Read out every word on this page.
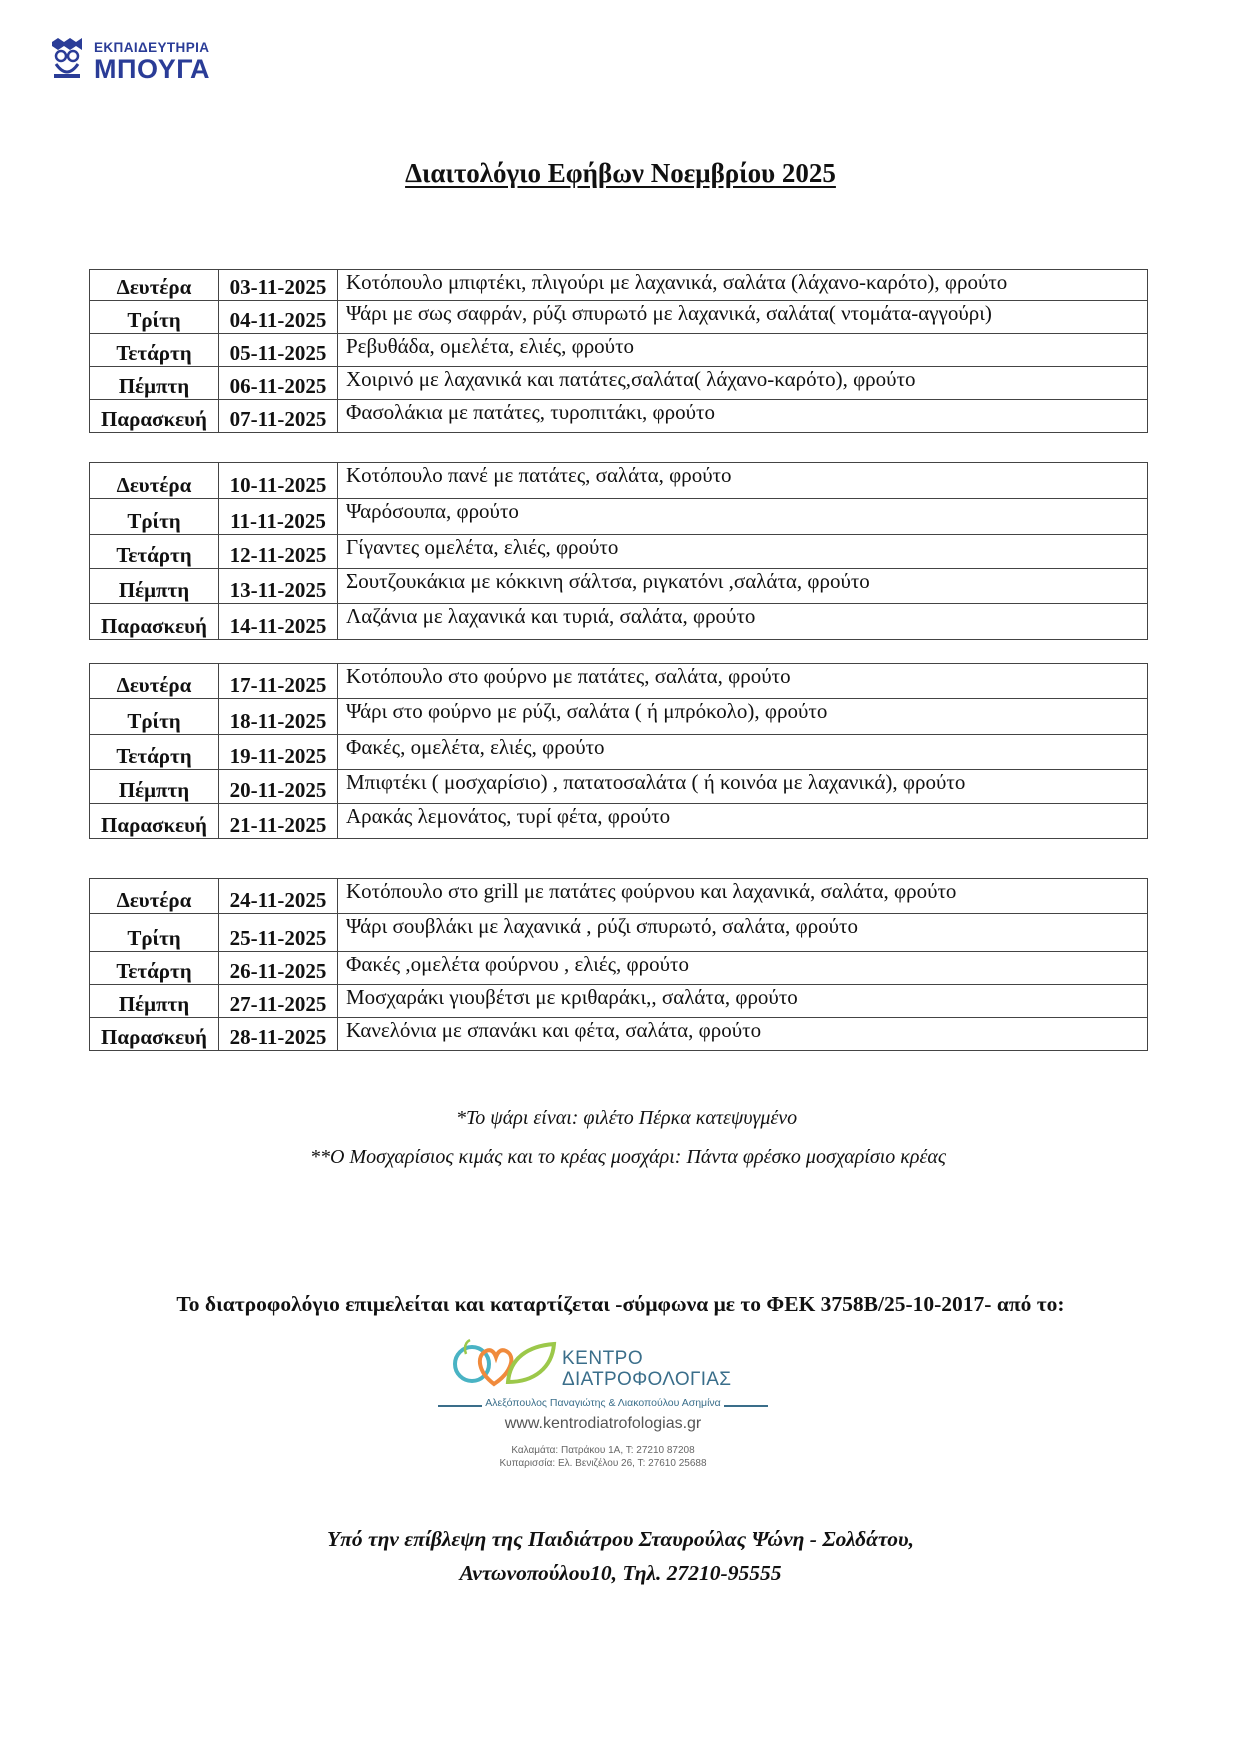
ΕΚΠΑΙΔΕΥΤΗΡΙΑ
ΜΠΟΥΓΑ
Διαιτολόγιο Εφήβων Νοεμβρίου 2025
Δευτέρα	03-11-2025	Κοτόπουλο μπιφτέκι, πλιγούρι με λαχανικά, σαλάτα (λάχανο-καρότο), φρούτο
Τρίτη	04-11-2025	Ψάρι με σως σαφράν, ρύζι σπυρωτό με λαχανικά, σαλάτα( ντομάτα-αγγούρι)
Τετάρτη	05-11-2025	Ρεβυθάδα, ομελέτα, ελιές, φρούτο
Πέμπτη	06-11-2025	Χοιρινό με λαχανικά και πατάτες,σαλάτα( λάχανο-καρότο), φρούτο
Παρασκευή	07-11-2025	Φασολάκια με πατάτες, τυροπιτάκι, φρούτο
Δευτέρα	10-11-2025	Κοτόπουλο πανέ με πατάτες, σαλάτα, φρούτο
Τρίτη	11-11-2025	Ψαρόσουπα, φρούτο
Τετάρτη	12-11-2025	Γίγαντες ομελέτα, ελιές, φρούτο
Πέμπτη	13-11-2025	Σουτζουκάκια με κόκκινη σάλτσα, ριγκατόνι ,σαλάτα, φρούτο
Παρασκευή	14-11-2025	Λαζάνια με λαχανικά και τυριά, σαλάτα, φρούτο
Δευτέρα	17-11-2025	Κοτόπουλο στο φούρνο με πατάτες, σαλάτα, φρούτο
Τρίτη	18-11-2025	Ψάρι στο φούρνο με ρύζι, σαλάτα ( ή μπρόκολο), φρούτο
Τετάρτη	19-11-2025	Φακές, ομελέτα, ελιές, φρούτο
Πέμπτη	20-11-2025	Μπιφτέκι ( μοσχαρίσιο) , πατατοσαλάτα ( ή κοινόα με λαχανικά), φρούτο
Παρασκευή	21-11-2025	Αρακάς λεμονάτος, τυρί φέτα, φρούτο
Δευτέρα	24-11-2025	Κοτόπουλο στο grill με πατάτες φούρνου και λαχανικά, σαλάτα, φρούτο
Τρίτη	25-11-2025	Ψάρι σουβλάκι με λαχανικά , ρύζι σπυρωτό, σαλάτα, φρούτο
Τετάρτη	26-11-2025	Φακές ,ομελέτα φούρνου , ελιές, φρούτο
Πέμπτη	27-11-2025	Μοσχαράκι γιουβέτσι με κριθαράκι,, σαλάτα, φρούτο
Παρασκευή	28-11-2025	Κανελόνια με σπανάκι και φέτα, σαλάτα, φρούτο
*Το ψάρι είναι: φιλέτο Πέρκα κατεψυγμένο
**Ο Μοσχαρίσιος κιμάς και το κρέας μοσχάρι: Πάντα φρέσκο μοσχαρίσιο κρέας
Το διατροφολόγιο επιμελείται και καταρτίζεται -σύμφωνα με το ΦΕΚ 3758Β/25-10-2017- από το:
ΚΕΝΤΡΟ
ΔΙΑΤΡΟΦΟΛΟΓΙΑΣ
Αλεξόπουλος Παναγιώτης & Λιακοπούλου Ασημίνα
www.kentrodiatrofologias.gr
Καλαμάτα: Πατράκου 1Α, Τ: 27210 87208
Κυπαρισσία: Ελ. Βενιζέλου 26, Τ: 27610 25688
Υπό την επίβλεψη της Παιδιάτρου Σταυρούλας Ψώνη - Σολδάτου,
Αντωνοπούλου10, Τηλ. 27210-95555
